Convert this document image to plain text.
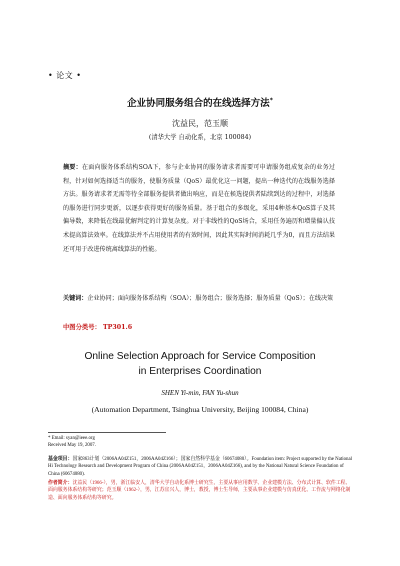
• 论文 •
企业协同服务组合的在线选择方法*
沈益民，范玉顺
(清华大学 自动化系，北京 100084)
摘要：在面向服务体系结构SOA下，参与企业协同的服务请求者需要可申请服务组成复杂的业务过程，针对如何选择适当的服务，使服务质量（QoS）最优化这一问题，提出一种迭代的在线服务选择方法。服务请求者无需等待全部服务提供者做出响应，而是在候选提供者陆续到达的过程中，对选择的服务进行同步更新，以逐步获得更好的服务质量。基于组合的多级化，采用4种基本QoS算子及其偏导数，来降低在线最优解判定的计算复杂度。对于非线性的QoS场合，采用任务遍历和增量偏认技术提高算法效率。在线算法并不占用使用者的有效时间，因此其实际时间消耗几乎为0，而且方法结果还可用于改进传统离线算法的性能。
关键词：企业协同；面向服务体系结构（SOA）；服务组合；服务选择；服务质量（QoS）；在线决策
中图分类号： TP301.6
Online Selection Approach for Service Composition
in Enterprises Coordination
SHEN Yi-min, FAN Yu-shun
(Automation Department, Tsinghua University, Beijing 100084, China)
* Email: syan@ieee.org
Received May 19, 2007.
基金项目：国家863计划（2006AA04Z151，2006AA04Z166）；国家自然科学基金（60674080）。Foundation item: Project supported by the National Hi Technology Research and Development Program of China (2006AA04Z151，2006AA04Z166), and by the National Natural Science Foundation of China (60674080).
作者简介：沈益民（1966-），男，浙江临安人，清华大学自动化系博士研究生，主要从事应用数学、企业建模方法、分布式计算、软件工程、面向服务体系结构等研究；范玉顺（1962-），男，江苏宜兴人，博士，教授，博士生导师，主要从事企业建模与仿真优化、工作流与网络化制造、面向服务体系结构等研究。
